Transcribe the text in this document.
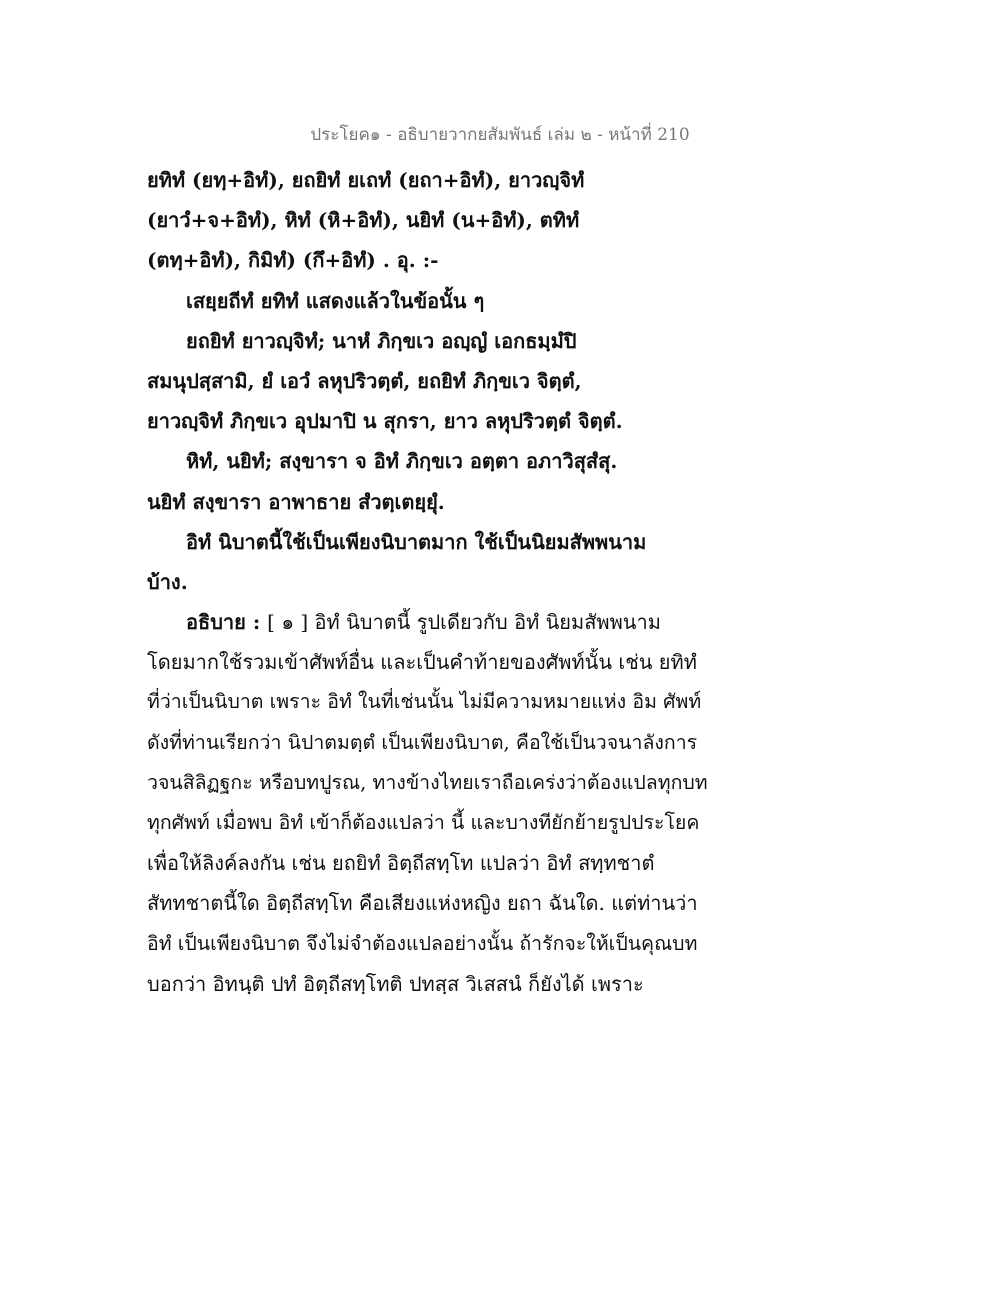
ประโยค๑ - อธิบายวากยสัมพันธ์ เล่ม ๒ - หน้าที่ 210
ยทิทํ (ยทฺ+อิทํ), ยถยิทํ ยเถทํ (ยถา+อิทํ), ยาวญฺจิทํ
(ยาวํ+จ+อิทํ), หิทํ (หิ+อิทํ), นยิทํ (น+อิทํ), ตทิทํ
(ตทฺ+อิทํ), กิมิทํ) (กึ+อิทํ) . อุ. :-
เสยฺยถีทํ ยทิทํ แสดงแล้วในข้อนั้น ๆ
ยถยิทํ ยาวญฺจิทํ; นาหํ ภิกฺขเว อญฺญํ เอกธมฺมํปิ
สมนุปสฺสามิ, ยํ เอวํ ลหุปริวตฺตํ, ยถยิทํ ภิกฺขเว จิตฺตํ,
ยาวญฺจิทํ ภิกฺขเว อุปมาปิ น สุกรา, ยาว ลหุปริวตฺตํ จิตฺตํ.
หิทํ, นยิทํ; สงฺขารา จ อิทํ ภิกฺขเว อตฺตา อภาวิสุสํสุ.
นยิทํ สงฺขารา อาพาธาย สํวตฺเตยฺยุํ.
อิทํ นิบาตนี้ใช้เป็นเพียงนิบาตมาก ใช้เป็นนิยมสัพพนาม
บ้าง.
อธิบาย : [ ๑ ] อิทํ นิบาตนี้ รูปเดียวกับ อิทํ นิยมสัพพนาม
โดยมากใช้รวมเข้าศัพท์อื่น และเป็นคำท้ายของศัพท์นั้น เช่น ยทิทํ
ที่ว่าเป็นนิบาต เพราะ อิทํ ในที่เช่นนั้น ไม่มีความหมายแห่ง อิม ศัพท์
ดังที่ท่านเรียกว่า นิปาตมตฺตํ เป็นเพียงนิบาต, คือใช้เป็นวจนาลังการ
วจนสิลิฏฐกะ หรือบทปูรณ, ทางข้างไทยเราถือเคร่งว่าต้องแปลทุกบท
ทุกศัพท์ เมื่อพบ อิทํ เข้าก็ต้องแปลว่า นี้ และบางทียักย้ายรูปประโยค
เพื่อให้ลิงค์ลงกัน เช่น ยถยิทํ อิตฺถีสทฺโท แปลว่า อิทํ สทฺทชาตํ
สัททชาตนี้ใด อิตฺถีสทฺโท คือเสียงแห่งหญิง ยถา ฉันใด. แต่ท่านว่า
อิทํ เป็นเพียงนิบาต จึงไม่จำต้องแปลอย่างนั้น ถ้ารักจะให้เป็นคุณบท
บอกว่า อิทนฺติ ปทํ อิตฺถีสทฺโทติ ปทสฺส วิเสสนํ ก็ยังได้ เพราะ
